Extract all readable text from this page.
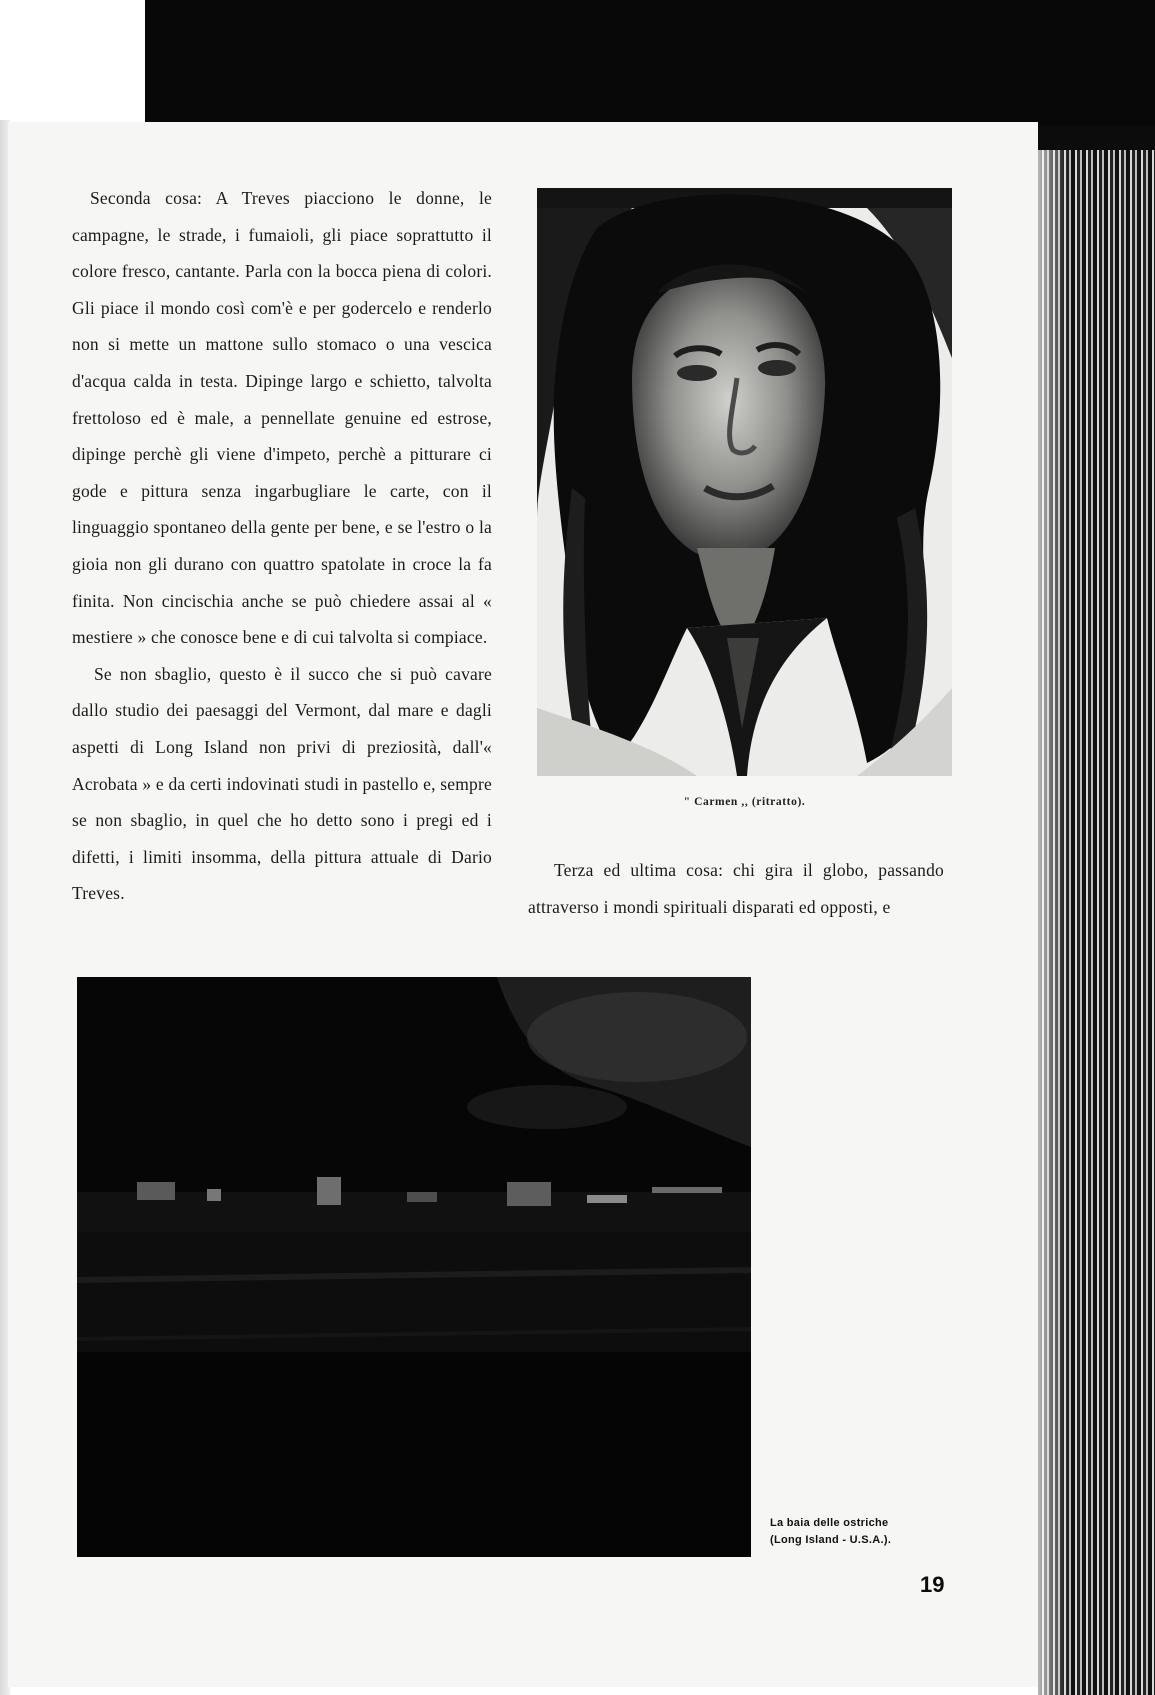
Seconda cosa: A Treves piacciono le donne, le campagne, le strade, i fumaioli, gli piace soprattutto il colore fresco, cantante. Parla con la bocca piena di colori. Gli piace il mondo così com'è e per godercelo e renderlo non si mette un mattone sullo stomaco o una vescica d'acqua calda in testa. Dipinge largo e schietto, talvolta frettoloso ed è male, a pennellate genuine ed estrose, dipinge perchè gli viene d'impeto, perchè a pitturare ci gode e pittura senza ingarbugliare le carte, con il linguaggio spontaneo della gente per bene, e se l'estro o la gioia non gli durano con quattro spatolate in croce la fa finita. Non cincischia anche se può chiedere assai al « mestiere » che conosce bene e di cui talvolta si compiace.

Se non sbaglio, questo è il succo che si può cavare dallo studio dei paesaggi del Vermont, dal mare e dagli aspetti di Long Island non privi di preziosità, dall'« Acrobata » e da certi indovinati studi in pastello e, sempre se non sbaglio, in quel che ho detto sono i pregi ed i difetti, i limiti insomma, della pittura attuale di Dario Treves.

" Carmen ,, (ritratto).

Terza ed ultima cosa: chi gira il globo, passando attraverso i mondi spirituali disparati ed opposti, e

La baia delle ostriche
(Long Island - U.S.A.).
19
